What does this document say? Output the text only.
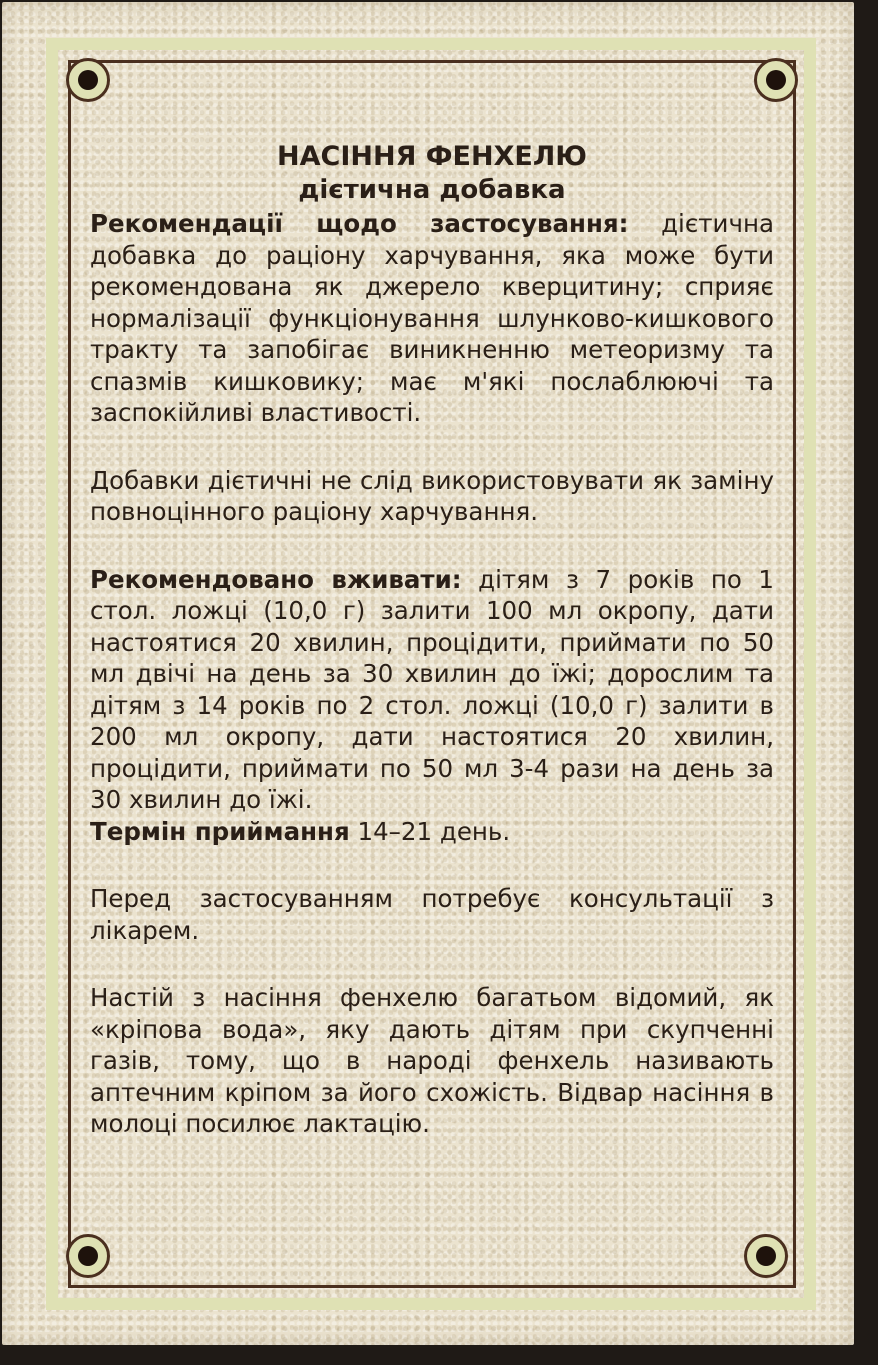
НАСІННЯ ФЕНХЕЛЮ
дієтична добавка

Рекомендації щодо застосування: дієтична добавка до раціону харчування, яка може бути рекомендована як джерело кверцитину; сприяє нормалізації функціонування шлунково-кишкового тракту та запобігає виникненню метеоризму та спазмів кишковику; має м'які послаблюючі та заспокійливі властивості.

Добавки дієтичні не слід використовувати як заміну повноцінного раціону харчування.

Рекомендовано вживати: дітям з 7 років по 1 стол. ложці (10,0 г) залити 100 мл окропу, дати настоятися 20 хвилин, процідити, приймати по 50 мл двічі на день за 30 хвилин до їжі; дорослим та дітям з 14 років по 2 стол. ложці (10,0 г) залити в 200 мл окропу, дати настоятися 20 хвилин, процідити, приймати по 50 мл 3-4 рази на день за 30 хвилин до їжі.

Термін приймання 14–21 день.

Перед застосуванням потребує консультації з лікарем.

Настій з насіння фенхелю багатьом відомий, як «кріпова вода», яку дають дітям при скупченні газів, тому, що в народі фенхель називають аптечним кріпом за його схожість. Відвар насіння в молоці посилює лактацію.
